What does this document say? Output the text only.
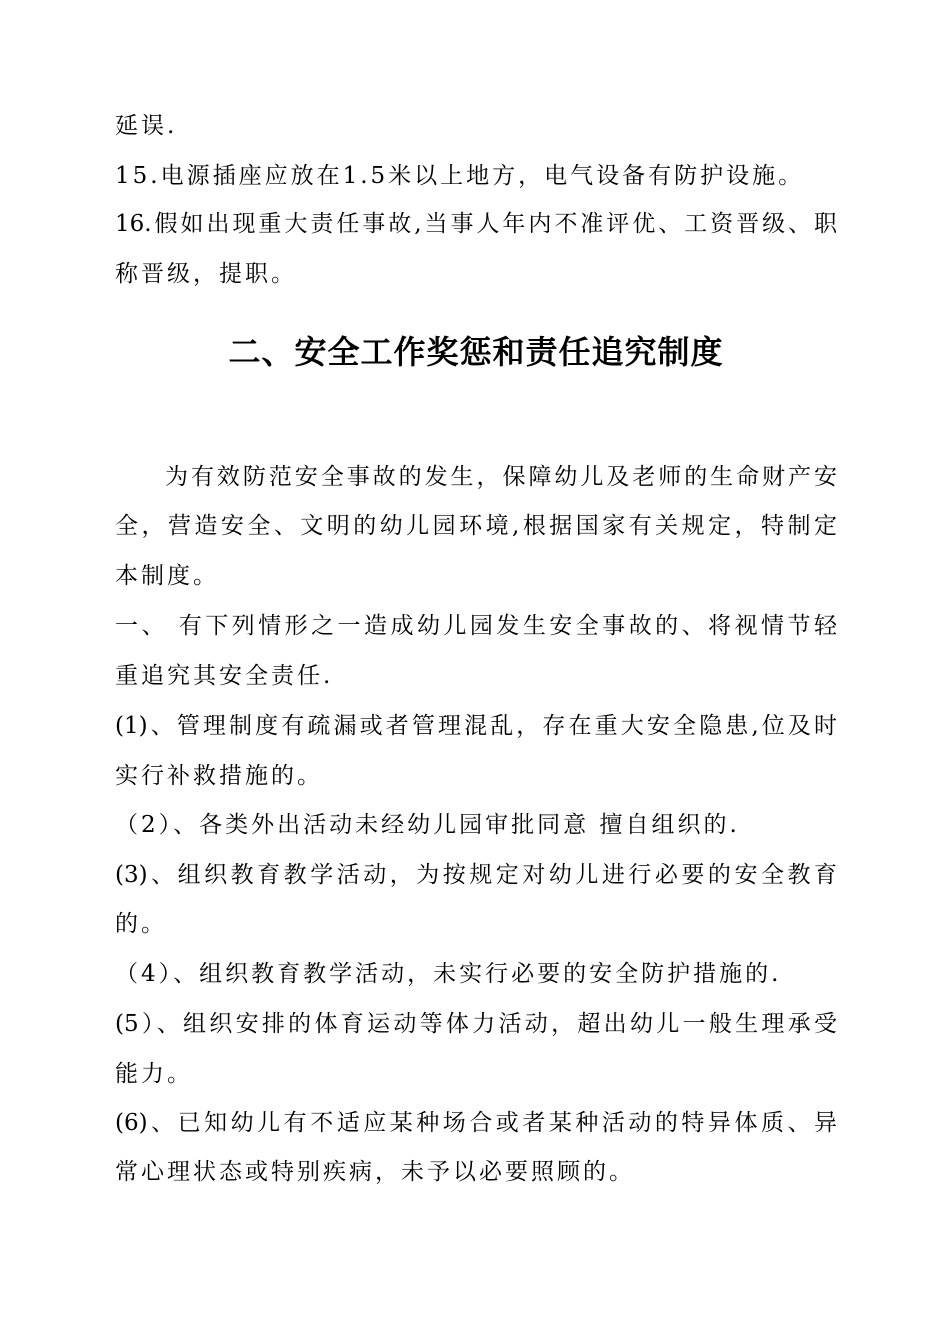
延误.
15.电源插座应放在1.5米以上地方，电气设备有防护设施。
16.假如出现重大责任事故,当事人年内不准评优、工资晋级、职
称晋级，提职。
二、安全工作奖惩和责任追究制度
为有效防范安全事故的发生，保障幼儿及老师的生命财产安
全，营造安全、文明的幼儿园环境,根据国家有关规定，特制定
本制度。
一、 有下列情形之一造成幼儿园发生安全事故的、将视情节轻
重追究其安全责任.
(1)、管理制度有疏漏或者管理混乱，存在重大安全隐患,位及时
实行补救措施的。
（2）、各类外出活动未经幼儿园审批同意 擅自组织的.
(3)、组织教育教学活动，为按规定对幼儿进行必要的安全教育
的。
（4）、组织教育教学活动，未实行必要的安全防护措施的.
(5）、组织安排的体育运动等体力活动，超出幼儿一般生理承受
能力。
(6)、已知幼儿有不适应某种场合或者某种活动的特异体质、异
常心理状态或特别疾病，未予以必要照顾的。
